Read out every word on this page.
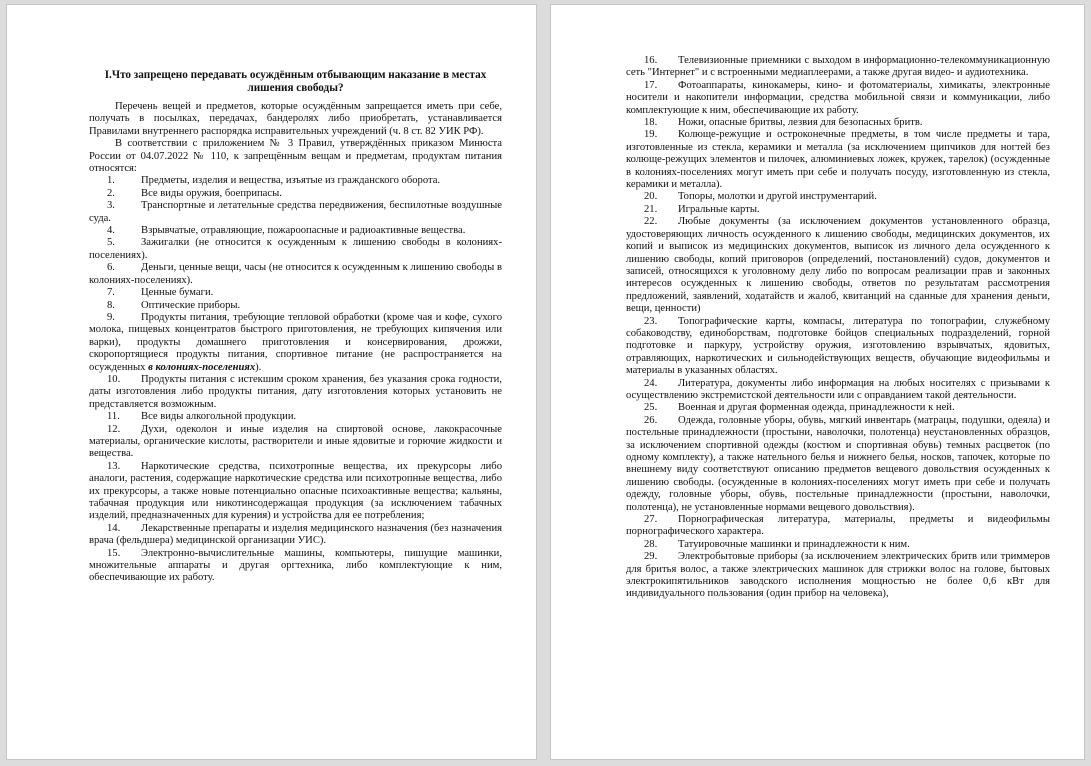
I.Что запрещено передавать осуждённым отбывающим наказание в местах лишения свободы?

Перечень вещей и предметов, которые осуждённым запрещается иметь при себе, получать в посылках, передачах, бандеролях либо приобретать, устанавливается Правилами внутреннего распорядка исправительных учреждений (ч. 8 ст. 82 УИК РФ).

В соответствии с приложением № 3 Правил, утверждённых приказом Минюста России от 04.07.2022 № 110, к запрещённым вещам и предметам, продуктам питания относятся:

1. Предметы, изделия и вещества, изъятые из гражданского оборота.

2. Все виды оружия, боеприпасы.

3. Транспортные и летательные средства передвижения, беспилотные воздушные суда.

4. Взрывчатые, отравляющие, пожароопасные и радиоактивные вещества.

5. Зажигалки (не относится к осужденным к лишению свободы в колониях-поселениях).

6. Деньги, ценные вещи, часы (не относится к осужденным к лишению свободы в колониях-поселениях).

7. Ценные бумаги.

8. Оптические приборы.

9. Продукты питания, требующие тепловой обработки (кроме чая и кофе, сухого молока, пищевых концентратов быстрого приготовления, не требующих кипячения или варки), продукты домашнего приготовления и консервирования, дрожжи, скоропортящиеся продукты питания, спортивное питание (не распространяется на осужденных в колониях-поселениях).

10. Продукты питания с истекшим сроком хранения, без указания срока годности, даты изготовления либо продукты питания, дату изготовления которых установить не представляется возможным.

11. Все виды алкогольной продукции.

12. Духи, одеколон и иные изделия на спиртовой основе, лакокрасочные материалы, органические кислоты, растворители и иные ядовитые и горючие жидкости и вещества.

13. Наркотические средства, психотропные вещества, их прекурсоры либо аналоги, растения, содержащие наркотические средства или психотропные вещества, либо их прекурсоры, а также новые потенциально опасные психоактивные вещества; кальяны, табачная продукция или никотинсодержащая продукция (за исключением табачных изделий, предназначенных для курения) и устройства для ее потребления;

14. Лекарственные препараты и изделия медицинского назначения (без назначения врача (фельдшера) медицинской организации УИС).

15. Электронно-вычислительные машины, компьютеры, пишущие машинки, множительные аппараты и другая оргтехника, либо комплектующие к ним, обеспечивающие их работу.

16. Телевизионные приемники с выходом в информационно-телекоммуникационную сеть "Интернет" и с встроенными медиаплеерами, а также другая видео- и аудиотехника.

17. Фотоаппараты, кинокамеры, кино- и фотоматериалы, химикаты, электронные носители и накопители информации, средства мобильной связи и коммуникации, либо комплектующие к ним, обеспечивающие их работу.

18. Ножи, опасные бритвы, лезвия для безопасных бритв.

19. Колюще-режущие и остроконечные предметы, в том числе предметы и тара, изготовленные из стекла, керамики и металла (за исключением щипчиков для ногтей без колюще-режущих элементов и пилочек, алюминиевых ложек, кружек, тарелок) (осужденные в колониях-поселениях могут иметь при себе и получать посуду, изготовленную из стекла, керамики и металла).

20. Топоры, молотки и другой инструментарий.

21. Игральные карты.

22. Любые документы (за исключением документов установленного образца, удостоверяющих личность осужденного к лишению свободы, медицинских документов, их копий и выписок из медицинских документов, выписок из личного дела осужденного к лишению свободы, копий приговоров (определений, постановлений) судов, документов и записей, относящихся к уголовному делу либо по вопросам реализации прав и законных интересов осужденных к лишению свободы, ответов по результатам рассмотрения предложений, заявлений, ходатайств и жалоб, квитанций на сданные для хранения деньги, вещи, ценности)

23. Топографические карты, компасы, литература по топографии, служебному собаководству, единоборствам, подготовке бойцов специальных подразделений, горной подготовке и паркуру, устройству оружия, изготовлению взрывчатых, ядовитых, отравляющих, наркотических и сильнодействующих веществ, обучающие видеофильмы и материалы в указанных областях.

24. Литература, документы либо информация на любых носителях с призывами к осуществлению экстремистской деятельности или с оправданием такой деятельности.

25. Военная и другая форменная одежда, принадлежности к ней.

26. Одежда, головные уборы, обувь, мягкий инвентарь (матрацы, подушки, одеяла) и постельные принадлежности (простыни, наволочки, полотенца) неустановленных образцов, за исключением спортивной одежды (костюм и спортивная обувь) темных расцветок (по одному комплекту), а также нательного белья и нижнего белья, носков, тапочек, которые по внешнему виду соответствуют описанию предметов вещевого довольствия осужденных к лишению свободы. (осужденные в колониях-поселениях могут иметь при себе и получать одежду, головные уборы, обувь, постельные принадлежности (простыни, наволочки, полотенца), не установленные нормами вещевого довольствия).

27. Порнографическая литература, материалы, предметы и видеофильмы порнографического характера.

28. Татуировочные машинки и принадлежности к ним.

29. Электробытовые приборы (за исключением электрических бритв или триммеров для бритья волос, а также электрических машинок для стрижки волос на голове, бытовых электрокипятильников заводского исполнения мощностью не более 0,6 кВт для индивидуального пользования (один прибор на человека),
